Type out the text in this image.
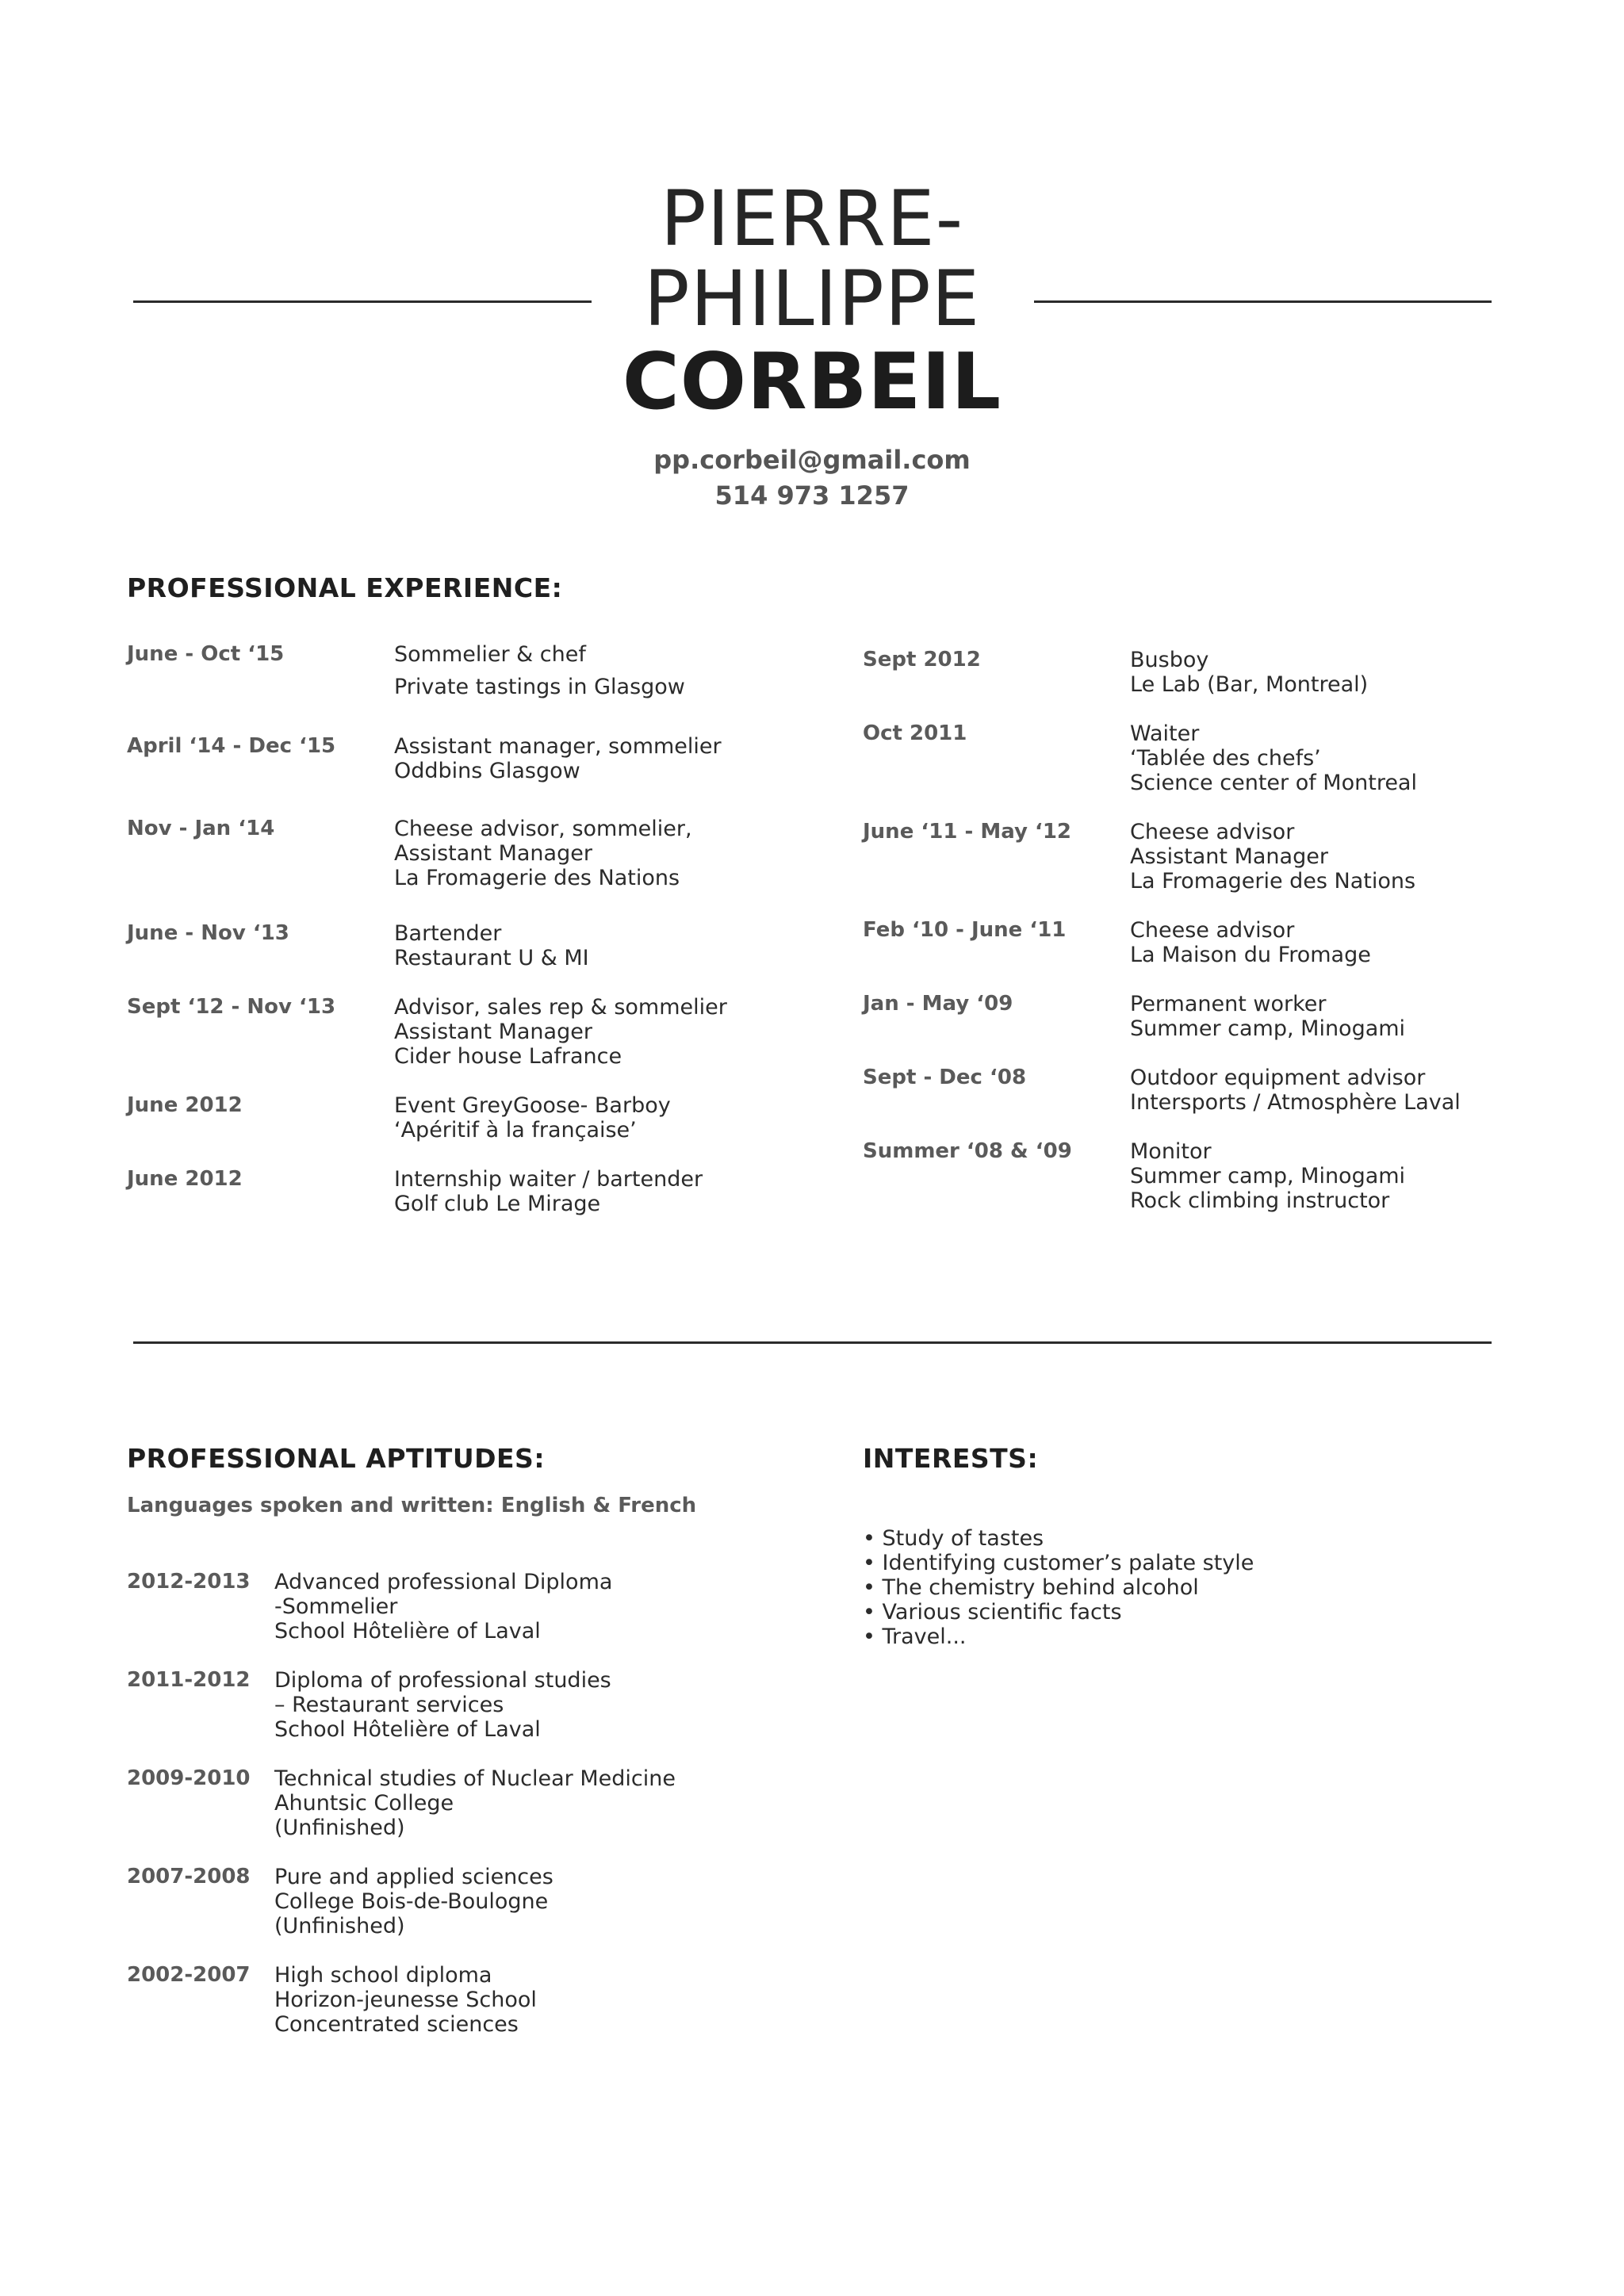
PIERRE-
PHILIPPE
CORBEIL
pp.corbeil@gmail.com
514 973 1257
PROFESSIONAL EXPERIENCE:
June - Oct ‘15	Sommelier & chef
Private tastings in Glasgow
April ‘14 - Dec ‘15	Assistant manager, sommelier
Oddbins Glasgow
Nov - Jan ‘14	Cheese advisor, sommelier,
Assistant Manager
La Fromagerie des Nations
June - Nov ‘13	Bartender
Restaurant U & MI
Sept ‘12 - Nov ‘13	Advisor, sales rep & sommelier
Assistant Manager
Cider house Lafrance
June 2012	Event GreyGoose- Barboy
‘Apéritif à la française’
June 2012	Internship waiter / bartender
Golf club Le Mirage
Sept 2012	Busboy
Le Lab (Bar, Montreal)
Oct 2011	Waiter
‘Tablée des chefs’
Science center of Montreal
June ‘11 - May ‘12	Cheese advisor
Assistant Manager
La Fromagerie des Nations
Feb ‘10 - June ‘11	Cheese advisor
La Maison du Fromage
Jan - May ‘09	Permanent worker
Summer camp, Minogami
Sept - Dec ‘08	Outdoor equipment advisor
Intersports / Atmosphère Laval
Summer ‘08 & ‘09	Monitor
Summer camp, Minogami
Rock climbing instructor
PROFESSIONAL APTITUDES:
Languages spoken and written: English & French
2012-2013 Advanced professional Diploma
-Sommelier
School Hôtelière of Laval
2011-2012 Diploma of professional studies
– Restaurant services
School Hôtelière of Laval
2009-2010 Technical studies of Nuclear Medicine
Ahuntsic College
(Unfinished)
2007-2008 Pure and applied sciences
College Bois-de-Boulogne
(Unfinished)
2002-2007 High school diploma
Horizon-jeunesse School
Concentrated sciences
INTERESTS:
• Study of tastes
• Identifying customer’s palate style
• The chemistry behind alcohol
• Various scientific facts
• Travel...
